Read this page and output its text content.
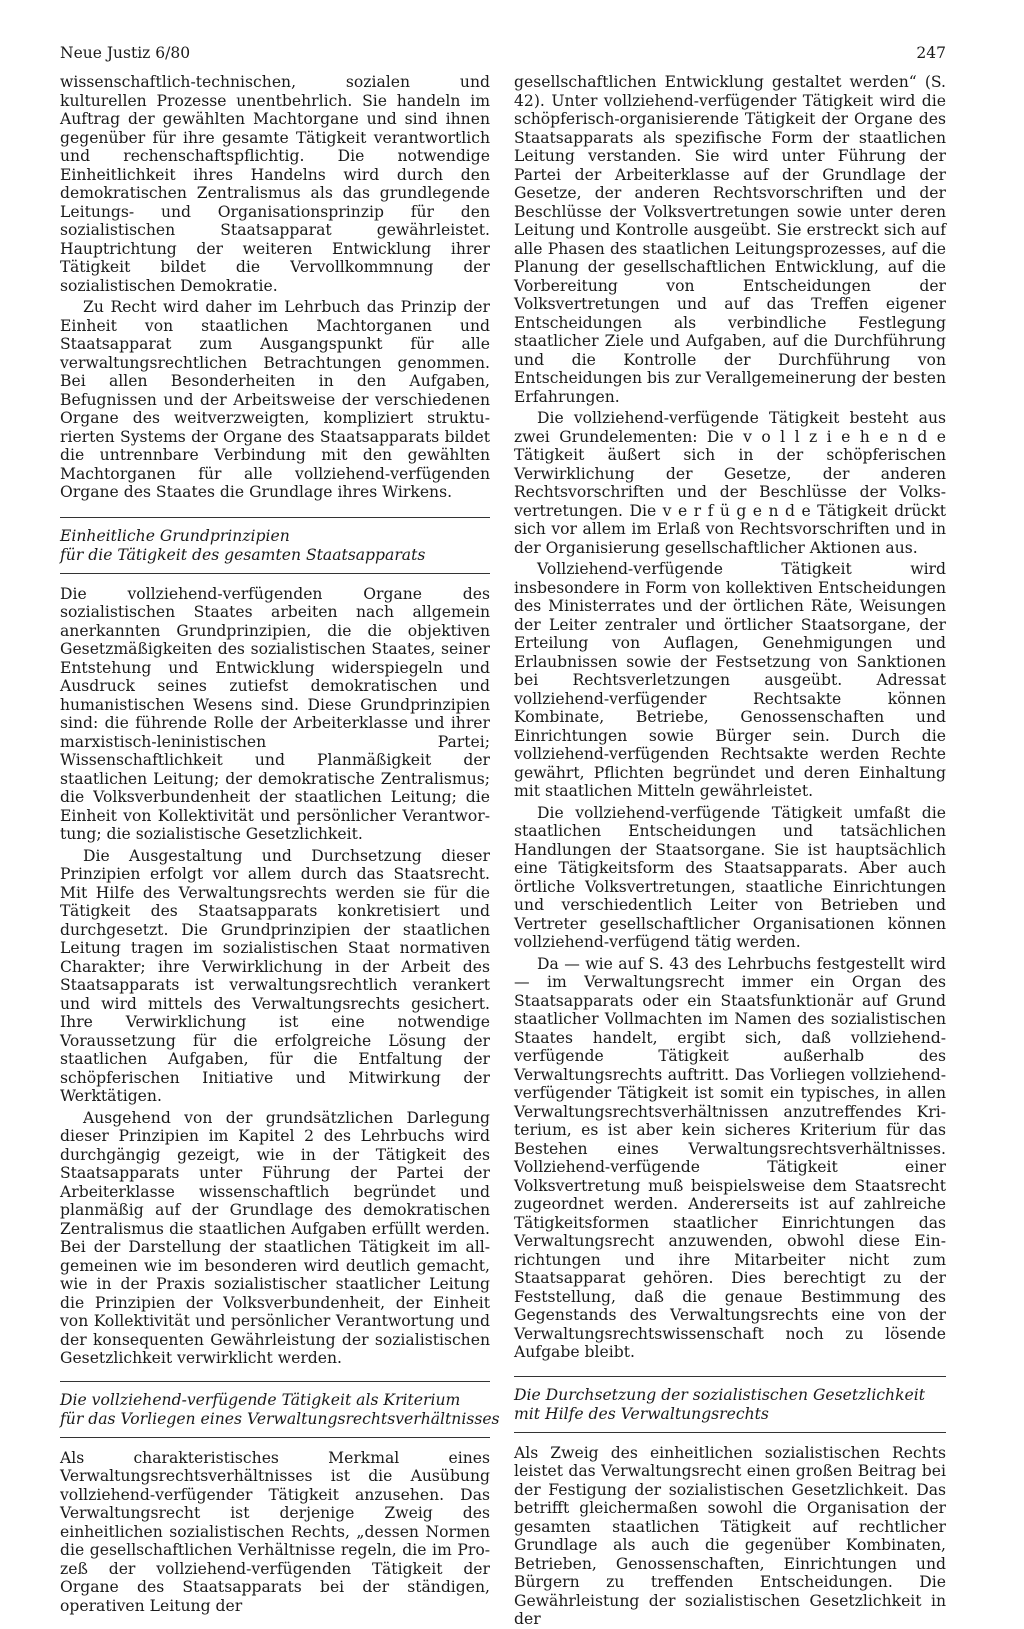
Neue Justiz 6/80	247

wissenschaftlich-technischen, sozialen und kulturellen Prozesse unentbehrlich. Sie handeln im Auftrag der gewählten Machtorgane und sind ihnen gegenüber für ihre gesamte Tätigkeit verantwortlich und rechenschaftspflichtig. Die notwendige Einheitlichkeit ihres Handelns wird durch den demokratischen Zentralismus als das grundlegende Leitungs- und Organisationsprinzip für den sozialistischen Staatsapparat gewährleistet. Hauptrichtung der weiteren Entwicklung ihrer Tätigkeit bildet die Vervollkommnung der sozialistischen Demokratie.

Zu Recht wird daher im Lehrbuch das Prinzip der Einheit von staatlichen Machtorganen und Staatsapparat zum Ausgangspunkt für alle verwaltungsrechtlichen Betrachtungen genommen. Bei allen Besonderheiten in den Aufgaben, Befugnissen und der Arbeitsweise der verschiedenen Organe des weitverzweigten, kompliziert strukturierten Systems der Organe des Staatsapparats bildet die untrennbare Verbindung mit den gewählten Machtorganen für alle vollziehend-verfügenden Organe des Staates die Grundlage ihres Wirkens.

Einheitliche Grundprinzipien
für die Tätigkeit des gesamten Staatsapparats

Die vollziehend-verfügenden Organe des sozialistischen Staates arbeiten nach allgemein anerkannten Grundprinzipien, die die objektiven Gesetzmäßigkeiten des sozialistischen Staates, seiner Entstehung und Entwicklung widerspiegeln und Ausdruck seines zutiefst demokratischen und humanistischen Wesens sind. Diese Grundprinzipien sind: die führende Rolle der Arbeiterklasse und ihrer marxistisch-leninistischen Partei; Wissenschaftlichkeit und Planmäßigkeit der staatlichen Leitung; der demokratische Zentralismus; die Volksverbundenheit der staatlichen Leitung; die Einheit von Kollektivität und persönlicher Verantwortung; die sozialistische Gesetzlichkeit.

Die Ausgestaltung und Durchsetzung dieser Prinzipien erfolgt vor allem durch das Staatsrecht. Mit Hilfe des Verwaltungsrechts werden sie für die Tätigkeit des Staatsapparats konkretisiert und durchgesetzt. Die Grundprinzipien der staatlichen Leitung tragen im sozialistischen Staat normativen Charakter; ihre Verwirklichung in der Arbeit des Staatsapparats ist verwaltungsrechtlich verankert und wird mittels des Verwaltungsrechts gesichert. Ihre Verwirklichung ist eine notwendige Voraussetzung für die erfolgreiche Lösung der staatlichen Aufgaben, für die Entfaltung der schöpferischen Initiative und Mitwirkung der Werktätigen.

Ausgehend von der grundsätzlichen Darlegung dieser Prinzipien im Kapitel 2 des Lehrbuchs wird durchgängig gezeigt, wie in der Tätigkeit des Staatsapparats unter Führung der Partei der Arbeiterklasse wissenschaftlich begründet und planmäßig auf der Grundlage des demokratischen Zentralismus die staatlichen Aufgaben erfüllt werden. Bei der Darstellung der staatlichen Tätigkeit im allgemeinen wie im besonderen wird deutlich gemacht, wie in der Praxis sozialistischer staatlicher Leitung die Prinzipien der Volksverbundenheit, der Einheit von Kollektivität und persönlicher Verantwortung und der konsequenten Gewährleistung der sozialistischen Gesetzlichkeit verwirklicht werden.

Die vollziehend-verfügende Tätigkeit als Kriterium
für das Vorliegen eines Verwaltungsrechtsverhältnisses

Als charakteristisches Merkmal eines Verwaltungsrechtsverhältnisses ist die Ausübung vollziehend-verfügender Tätigkeit anzusehen. Das Verwaltungsrecht ist derjenige Zweig des einheitlichen sozialistischen Rechts, „dessen Normen die gesellschaftlichen Verhältnisse regeln, die im Prozeß der vollziehend-verfügenden Tätigkeit der Organe des Staatsapparats bei der ständigen, operativen Leitung der

gesellschaftlichen Entwicklung gestaltet werden“ (S. 42). Unter vollziehend-verfügender Tätigkeit wird die schöpferisch-organisierende Tätigkeit der Organe des Staatsapparats als spezifische Form der staatlichen Leitung verstanden. Sie wird unter Führung der Partei der Arbeiterklasse auf der Grundlage der Gesetze, der anderen Rechtsvorschriften und der Beschlüsse der Volksvertretungen sowie unter deren Leitung und Kontrolle ausgeübt. Sie erstreckt sich auf alle Phasen des staatlichen Leitungsprozesses, auf die Planung der gesellschaftlichen Entwicklung, auf die Vorbereitung von Entscheidungen der Volksvertretungen und auf das Treffen eigener Entscheidungen als verbindliche Festlegung staatlicher Ziele und Aufgaben, auf die Durchführung und die Kontrolle der Durchführung von Entscheidungen bis zur Verallgemeinerung der besten Erfahrungen.

Die vollziehend-verfügende Tätigkeit besteht aus zwei Grundelementen: Die v o l l z i e h e n d e Tätigkeit äußert sich in der schöpferischen Verwirklichung der Gesetze, der anderen Rechtsvorschriften und der Beschlüsse der Volksvertretungen. Die v e r f ü g e n d e Tätigkeit drückt sich vor allem im Erlaß von Rechtsvorschriften und in der Organisierung gesellschaftlicher Aktionen aus.

Vollziehend-verfügende Tätigkeit wird insbesondere in Form von kollektiven Entscheidungen des Ministerrates und der örtlichen Räte, Weisungen der Leiter zentraler und örtlicher Staatsorgane, der Erteilung von Auflagen, Genehmigungen und Erlaubnissen sowie der Festsetzung von Sanktionen bei Rechtsverletzungen ausgeübt. Adressat vollziehend-verfügender Rechtsakte können Kombinate, Betriebe, Genossenschaften und Einrichtungen sowie Bürger sein. Durch die vollziehend-verfügenden Rechtsakte werden Rechte gewährt, Pflichten begründet und deren Einhaltung mit staatlichen Mitteln gewährleistet.

Die vollziehend-verfügende Tätigkeit umfaßt die staatlichen Entscheidungen und tatsächlichen Handlungen der Staatsorgane. Sie ist hauptsächlich eine Tätigkeitsform des Staatsapparats. Aber auch örtliche Volksvertretungen, staatliche Einrichtungen und verschiedentlich Leiter von Betrieben und Vertreter gesellschaftlicher Organisationen können vollziehend-verfügend tätig werden.

Da — wie auf S. 43 des Lehrbuchs festgestellt wird — im Verwaltungsrecht immer ein Organ des Staatsapparats oder ein Staatsfunktionär auf Grund staatlicher Vollmachten im Namen des sozialistischen Staates handelt, ergibt sich, daß vollziehend-verfügende Tätigkeit außerhalb des Verwaltungsrechts auftritt. Das Vorliegen vollziehend-verfügender Tätigkeit ist somit ein typisches, in allen Verwaltungsrechtsverhältnissen anzutreffendes Kriterium, es ist aber kein sicheres Kriterium für das Bestehen eines Verwaltungsrechtsverhältnisses. Vollziehend-verfügende Tätigkeit einer Volksvertretung muß beispielsweise dem Staatsrecht zugeordnet werden. Andererseits ist auf zahlreiche Tätigkeitsformen staatlicher Einrichtungen das Verwaltungsrecht anzuwenden, obwohl diese Einrichtungen und ihre Mitarbeiter nicht zum Staatsapparat gehören. Dies berechtigt zu der Feststellung, daß die genaue Bestimmung des Gegenstands des Verwaltungsrechts eine von der Verwaltungsrechtswissenschaft noch zu lösende Aufgabe bleibt.

Die Durchsetzung der sozialistischen Gesetzlichkeit
mit Hilfe des Verwaltungsrechts

Als Zweig des einheitlichen sozialistischen Rechts leistet das Verwaltungsrecht einen großen Beitrag bei der Festigung der sozialistischen Gesetzlichkeit. Das betrifft gleichermaßen sowohl die Organisation der gesamten staatlichen Tätigkeit auf rechtlicher Grundlage als auch die gegenüber Kombinaten, Betrieben, Genossenschaften, Einrichtungen und Bürgern zu treffenden Entscheidungen. Die Gewährleistung der sozialistischen Gesetzlichkeit in der
